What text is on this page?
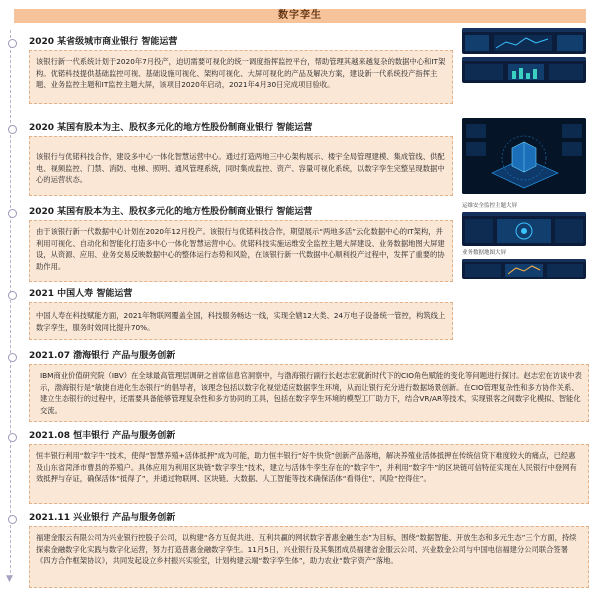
数字孪生
▼
2020 某省级城市商业银行 智能运营
该银行新一代系统计划于2020年7月投产，迫切需要可视化的统一调度指挥监控平台，帮助管理其越来越复杂的数据中心和IT架构。优锘科技提供基础监控可视、基础设施可视化、架构可视化、大屏可视化的产品及解决方案，建设新一代系统投产指挥主题、业务监控主题和IT监控主题大屏，该项目2020年启动，2021年4月30日完成项目验收。
2020 某国有股本为主、股权多元化的地方性股份制商业银行 智能运营
该银行与优锘科技合作，建设多中心一体化智慧运营中心。通过打造两地三中心架构展示、楼宇全局管理建模、集成管线、供配电、视频监控、门禁、消防、电梯、照明、通风管理系统，同时集成监控、资产、容量可视化系统，以数字孪生完整呈现数据中心的运营状态。
2020 某国有股本为主、股权多元化的地方性股份制商业银行 智能运营
由于该银行新一代数据中心计划在2020年12月投产。该银行与优锘科技合作，期望展示“两地多活”云化数据中心的IT架构，并利用可视化、自动化和智能化打造多中心一体化智慧运营中心。优锘科技实施运维安全监控主题大屏建设、业务数据地图大屏建设，从资源、应用、业务交易反映数据中心的整体运行态势和风险，在该银行新一代数据中心顺利投产过程中，发挥了重要的协助作用。
2021 中国人寿 智能运营
中国人寿在科技赋能方面，2021年物联网覆盖全国，科技服务畅达一线，实现全辖12大类、24万电子设备统一管控，构筑线上数字孪生，服务时效同比提升70%。
2021.07 渤海银行 产品与服务创新
IBM商业价值研究院（IBV）在全球最高管理层调研之首席信息官洞察中，与渤海银行副行长赵志宏就新时代下的CIO角色赋能的变化等问题进行探讨。赵志宏在访谈中表示，渤海银行是“敏捷自进化生态银行”的倡导者，该理念包括以数字化视觉适应数据孪生环境，从而让银行充分进行数据场景创新。在CIO管理复杂性和多方协作关系、建立生态银行的过程中，还需要具备能够管理复杂性和多方协同的工具，包括在数字孪生环境的模型工厂助力下，结合VR/AR等技术，实现银客之间数字化模拟、智能化交流。
2021.08 恒丰银行 产品与服务创新
恒丰银行利用“数字牛”技术，使得“智慧养殖+活体抵押”成为可能，助力恒丰银行“好牛快贷”创新产品落地，解决养殖业活体抵押在传统信贷下难度较大的痛点，已经惠及山东省菏泽市曹县的养殖户。具体应用为利用区块链“数字孪生”技术，建立与活体牛孪生存在的“数字牛”，并利用“数字牛”的区块链可信特征实现在人民银行中登网有效抵押与存证，确保活体“抵得了”，并通过物联网、区块链、大数据、人工智能等技术确保活体“看得住”、风险“控得住”。
2021.11 兴业银行 产品与服务创新
福建金服云有限公司为兴业银行控股子公司，以构建“各方互促共进、互利共赢的网状数字普惠金融生态”为目标，围绕“数据智能、开放生态和多元生态”三个方面，持续探索金融数字化实践与数字化运营，努力打造普惠金融数字孪生。11月5日，兴业银行及其集团成员福建省金服云公司、兴业数金公司与中国电信福建分公司联合签署《四方合作框架协议》，共同发起设立乡村振兴实验室，计划构建云端“数字孪生体”，助力农业“数字资产”落地。
运维安全监控主题大屏
业务数据地图大屏
